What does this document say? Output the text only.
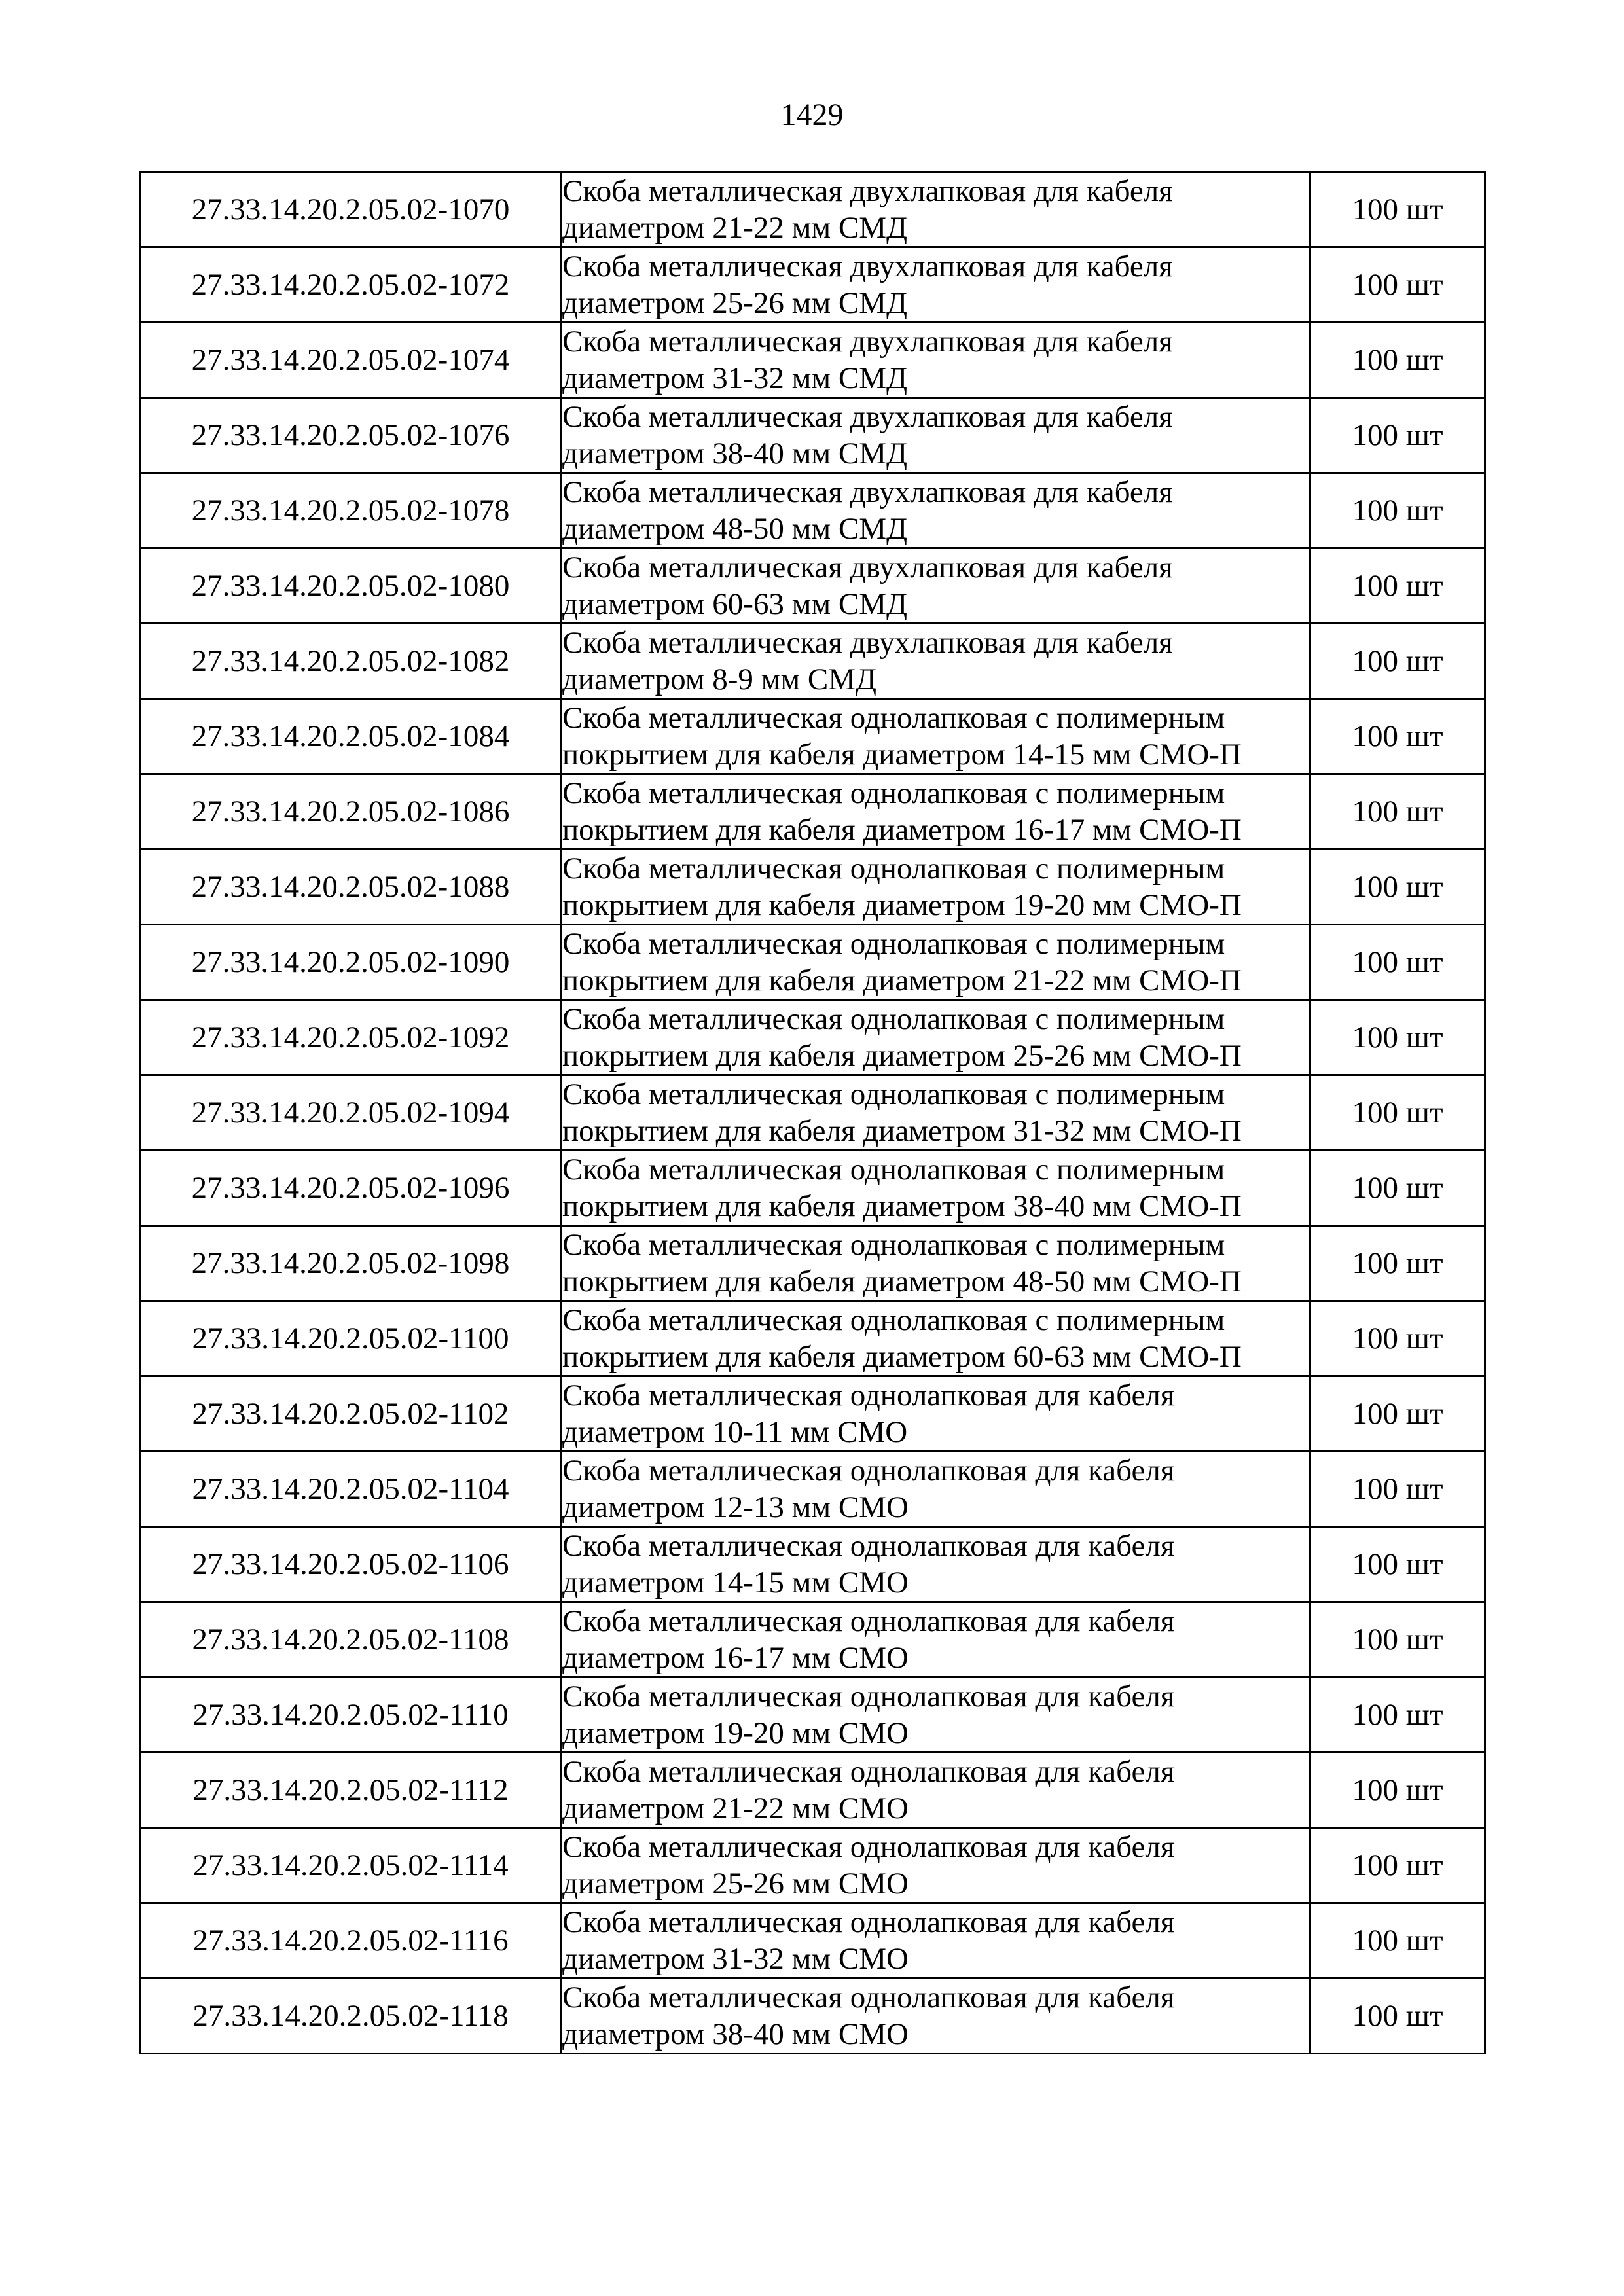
1429
27.33.14.20.2.05.02-1070	Скоба металлическая двухлапковая для кабеля
диаметром 21-22 мм СМД	100 шт
27.33.14.20.2.05.02-1072	Скоба металлическая двухлапковая для кабеля
диаметром 25-26 мм СМД	100 шт
27.33.14.20.2.05.02-1074	Скоба металлическая двухлапковая для кабеля
диаметром 31-32 мм СМД	100 шт
27.33.14.20.2.05.02-1076	Скоба металлическая двухлапковая для кабеля
диаметром 38-40 мм СМД	100 шт
27.33.14.20.2.05.02-1078	Скоба металлическая двухлапковая для кабеля
диаметром 48-50 мм СМД	100 шт
27.33.14.20.2.05.02-1080	Скоба металлическая двухлапковая для кабеля
диаметром 60-63 мм СМД	100 шт
27.33.14.20.2.05.02-1082	Скоба металлическая двухлапковая для кабеля
диаметром 8-9 мм СМД	100 шт
27.33.14.20.2.05.02-1084	Скоба металлическая однолапковая с полимерным
покрытием для кабеля диаметром 14-15 мм СМО-П	100 шт
27.33.14.20.2.05.02-1086	Скоба металлическая однолапковая с полимерным
покрытием для кабеля диаметром 16-17 мм СМО-П	100 шт
27.33.14.20.2.05.02-1088	Скоба металлическая однолапковая с полимерным
покрытием для кабеля диаметром 19-20 мм СМО-П	100 шт
27.33.14.20.2.05.02-1090	Скоба металлическая однолапковая с полимерным
покрытием для кабеля диаметром 21-22 мм СМО-П	100 шт
27.33.14.20.2.05.02-1092	Скоба металлическая однолапковая с полимерным
покрытием для кабеля диаметром 25-26 мм СМО-П	100 шт
27.33.14.20.2.05.02-1094	Скоба металлическая однолапковая с полимерным
покрытием для кабеля диаметром 31-32 мм СМО-П	100 шт
27.33.14.20.2.05.02-1096	Скоба металлическая однолапковая с полимерным
покрытием для кабеля диаметром 38-40 мм СМО-П	100 шт
27.33.14.20.2.05.02-1098	Скоба металлическая однолапковая с полимерным
покрытием для кабеля диаметром 48-50 мм СМО-П	100 шт
27.33.14.20.2.05.02-1100	Скоба металлическая однолапковая с полимерным
покрытием для кабеля диаметром 60-63 мм СМО-П	100 шт
27.33.14.20.2.05.02-1102	Скоба металлическая однолапковая для кабеля
диаметром 10-11 мм СМО	100 шт
27.33.14.20.2.05.02-1104	Скоба металлическая однолапковая для кабеля
диаметром 12-13 мм СМО	100 шт
27.33.14.20.2.05.02-1106	Скоба металлическая однолапковая для кабеля
диаметром 14-15 мм СМО	100 шт
27.33.14.20.2.05.02-1108	Скоба металлическая однолапковая для кабеля
диаметром 16-17 мм СМО	100 шт
27.33.14.20.2.05.02-1110	Скоба металлическая однолапковая для кабеля
диаметром 19-20 мм СМО	100 шт
27.33.14.20.2.05.02-1112	Скоба металлическая однолапковая для кабеля
диаметром 21-22 мм СМО	100 шт
27.33.14.20.2.05.02-1114	Скоба металлическая однолапковая для кабеля
диаметром 25-26 мм СМО	100 шт
27.33.14.20.2.05.02-1116	Скоба металлическая однолапковая для кабеля
диаметром 31-32 мм СМО	100 шт
27.33.14.20.2.05.02-1118	Скоба металлическая однолапковая для кабеля
диаметром 38-40 мм СМО	100 шт
